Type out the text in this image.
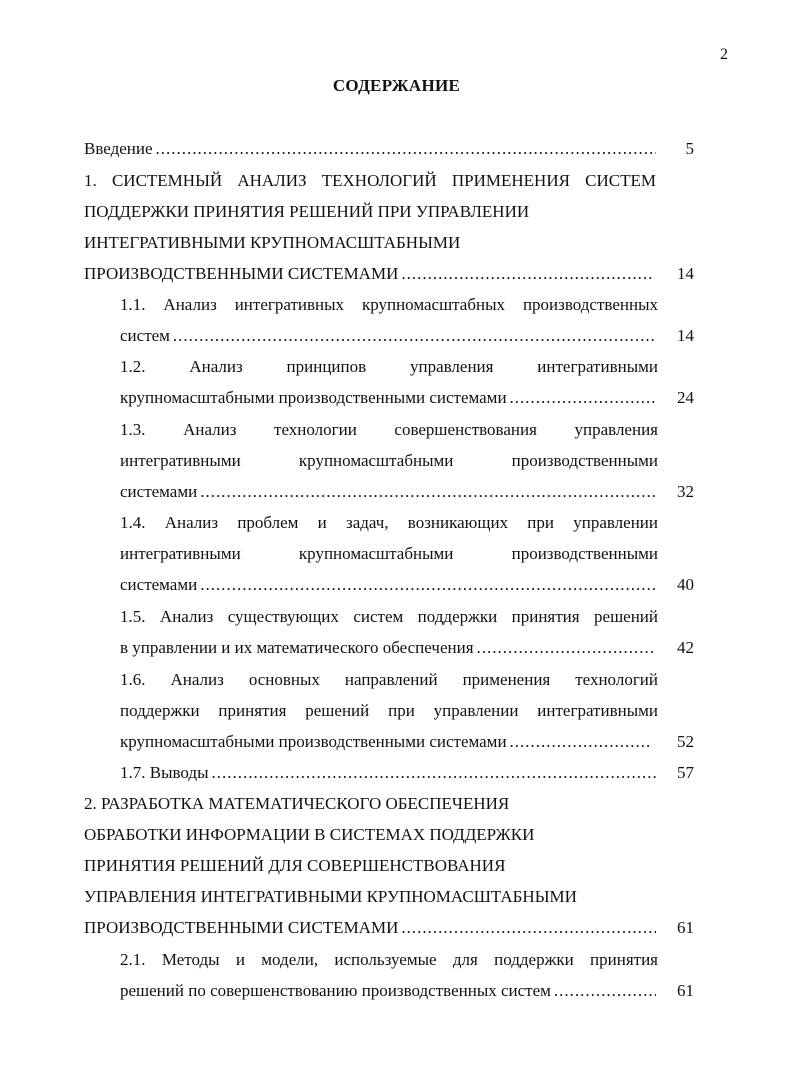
2
СОДЕРЖАНИЕ
Введение .....	5
1. СИСТЕМНЫЙ АНАЛИЗ ТЕХНОЛОГИЙ ПРИМЕНЕНИЯ СИСТЕМ
ПОДДЕРЖКИ ПРИНЯТИЯ РЕШЕНИЙ ПРИ УПРАВЛЕНИИ
ИНТЕГРАТИВНЫМИ КРУПНОМАСШТАБНЫМИ
ПРОИЗВОДСТВЕННЫМИ СИСТЕМАМИ .....	14
1.1. Анализ интегративных крупномасштабных производственных
систем .....	14
1.2. Анализ принципов управления интегративными
крупномасштабными производственными системами .....	24
1.3. Анализ технологии совершенствования управления
интегративными крупномасштабными производственными
системами .....	32
1.4. Анализ проблем и задач, возникающих при управлении
интегративными крупномасштабными производственными
системами .....	40
1.5. Анализ существующих систем поддержки принятия решений
в управлении и их математического обеспечения .....	42
1.6. Анализ основных направлений применения технологий
поддержки принятия решений при управлении интегративными
крупномасштабными производственными системами .....	52
1.7. Выводы .....	57
2. РАЗРАБОТКА МАТЕМАТИЧЕСКОГО ОБЕСПЕЧЕНИЯ
ОБРАБОТКИ ИНФОРМАЦИИ В СИСТЕМАХ ПОДДЕРЖКИ
ПРИНЯТИЯ РЕШЕНИЙ ДЛЯ СОВЕРШЕНСТВОВАНИЯ
УПРАВЛЕНИЯ ИНТЕГРАТИВНЫМИ КРУПНОМАСШТАБНЫМИ
ПРОИЗВОДСТВЕННЫМИ СИСТЕМАМИ .....	61
2.1. Методы и модели, используемые для поддержки принятия
решений по совершенствованию производственных систем .....	61
